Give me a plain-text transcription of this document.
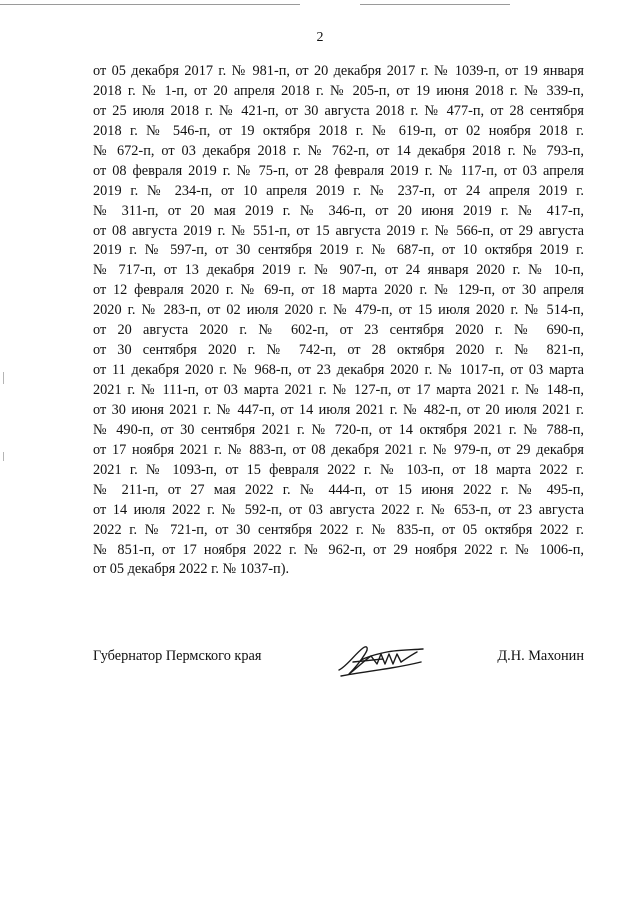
2
от 05 декабря 2017 г. № 981-п, от 20 декабря 2017 г. № 1039-п, от 19 января
2018 г. № 1-п, от 20 апреля 2018 г. № 205-п, от 19 июня 2018 г. № 339-п,
от 25 июля 2018 г. № 421-п, от 30 августа 2018 г. № 477-п, от 28 сентября
2018 г. № 546-п, от 19 октября 2018 г. № 619-п, от 02 ноября 2018 г.
№ 672-п, от 03 декабря 2018 г. № 762-п, от 14 декабря 2018 г. № 793-п,
от 08 февраля 2019 г. № 75-п, от 28 февраля 2019 г. № 117-п, от 03 апреля
2019 г. № 234-п, от 10 апреля 2019 г. № 237-п, от 24 апреля 2019 г.
№ 311-п, от 20 мая 2019 г. № 346-п, от 20 июня 2019 г. № 417-п,
от 08 августа 2019 г. № 551-п, от 15 августа 2019 г. № 566-п, от 29 августа
2019 г. № 597-п, от 30 сентября 2019 г. № 687-п, от 10 октября 2019 г.
№ 717-п, от 13 декабря 2019 г. № 907-п, от 24 января 2020 г. № 10-п,
от 12 февраля 2020 г. № 69-п, от 18 марта 2020 г. № 129-п, от 30 апреля
2020 г. № 283-п, от 02 июля 2020 г. № 479-п, от 15 июля 2020 г. № 514-п,
от 20 августа 2020 г. № 602-п, от 23 сентября 2020 г. № 690-п,
от 30 сентября 2020 г. № 742-п, от 28 октября 2020 г. № 821-п,
от 11 декабря 2020 г. № 968-п, от 23 декабря 2020 г. № 1017-п, от 03 марта
2021 г. № 111-п, от 03 марта 2021 г. № 127-п, от 17 марта 2021 г. № 148-п,
от 30 июня 2021 г. № 447-п, от 14 июля 2021 г. № 482-п, от 20 июля 2021 г.
№ 490-п, от 30 сентября 2021 г. № 720-п, от 14 октября 2021 г. № 788-п,
от 17 ноября 2021 г. № 883-п, от 08 декабря 2021 г. № 979-п, от 29 декабря
2021 г. № 1093-п, от 15 февраля 2022 г. № 103-п, от 18 марта 2022 г.
№ 211-п, от 27 мая 2022 г. № 444-п, от 15 июня 2022 г. № 495-п,
от 14 июля 2022 г. № 592-п, от 03 августа 2022 г. № 653-п, от 23 августа
2022 г. № 721-п, от 30 сентября 2022 г. № 835-п, от 05 октября 2022 г.
№ 851-п, от 17 ноября 2022 г. № 962-п, от 29 ноября 2022 г. № 1006-п,
от 05 декабря 2022 г. № 1037-п).
Губернатор Пермского края	Д.Н. Махонин
